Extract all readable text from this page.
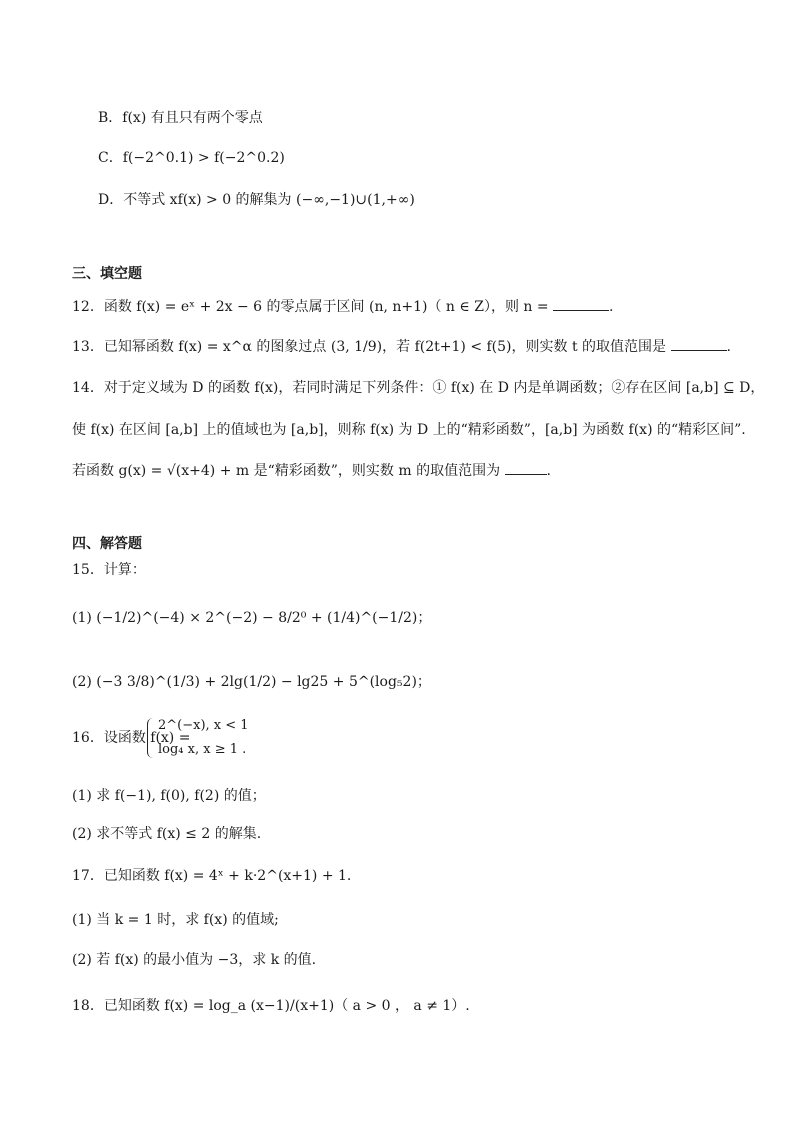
B．f(x) 有且只有两个零点
C．f(−2^0.1) > f(−2^0.2)
D．不等式 xf(x) > 0 的解集为 (−∞,−1)∪(1,+∞)
三、填空题
12．函数 f(x) = eˣ + 2x − 6 的零点属于区间 (n, n+1)（ n ∈ Z），则 n =	.
13．已知幂函数 f(x) = x^α 的图象过点 (3, 1/9)，若 f(2t+1) < f(5)，则实数 t 的取值范围是	.
14．对于定义域为 D 的函数 f(x)，若同时满足下列条件：① f(x) 在 D 内是单调函数；②存在区间 [a,b] ⊆ D，
使 f(x) 在区间 [a,b] 上的值域也为 [a,b]，则称 f(x) 为 D 上的“精彩函数”，[a,b] 为函数 f(x) 的“精彩区间”.
若函数 g(x) = √(x+4) + m 是“精彩函数”，则实数 m 的取值范围为	.
四、解答题
15．计算：
(1) (−1/2)^(−4) × 2^(−2) − 8/2⁰ + (1/4)^(−1/2)；
(2) (−3 3/8)^(1/3) + 2lg(1/2) − lg25 + 5^(log₅2)；
16．设函数 f(x) =
2^(−x), x < 1
log₄ x, x ≥ 1 .
(1) 求 f(−1), f(0), f(2) 的值；
(2) 求不等式 f(x) ≤ 2 的解集.
17．已知函数 f(x) = 4ˣ + k·2^(x+1) + 1.
(1) 当 k = 1 时，求 f(x) 的值域;
(2) 若 f(x) 的最小值为 −3，求 k 的值.
18．已知函数 f(x) = log_a (x−1)/(x+1)（ a > 0 ， a ≠ 1）.
